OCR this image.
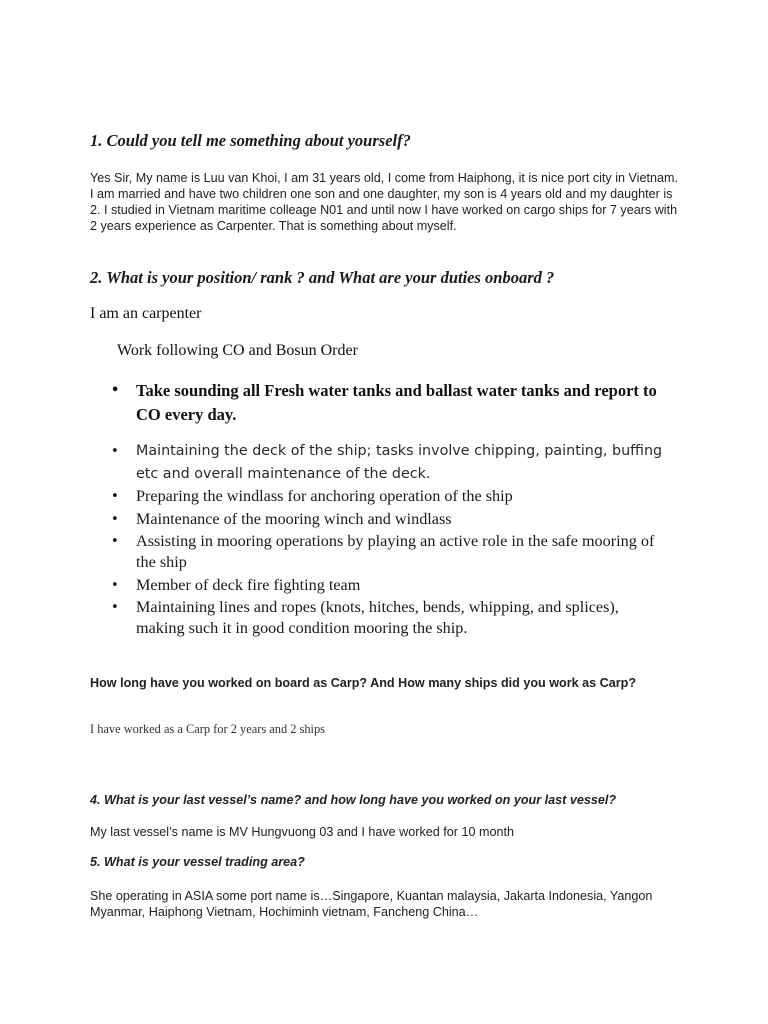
1. Could you tell me something about yourself?

Yes Sir, My name is Luu van Khoi, I am 31 years old, I come from Haiphong, it is nice port city in Vietnam. I am married and have two children one son and one daughter, my son is 4 years old and my daughter is 2. I studied in Vietnam maritime colleage N01 and until now I have worked on cargo ships for 7 years with 2 years experience as Carpenter. That is something about myself.

2. What is your position/ rank ? and What are your duties onboard ?

I am an carpenter

Work following CO and Bosun Order

• Take sounding all Fresh water tanks and ballast water tanks and report to CO every day.
• Maintaining the deck of the ship; tasks involve chipping, painting, buffing etc and overall maintenance of the deck.
• Preparing the windlass for anchoring operation of the ship
• Maintenance of the mooring winch and windlass
• Assisting in mooring operations by playing an active role in the safe mooring of the ship
• Member of deck fire fighting team
• Maintaining lines and ropes (knots, hitches, bends, whipping, and splices), making such it in good condition mooring the ship.
How long have you worked on board as Carp? And How many ships did you work as Carp?

I have worked as a Carp for 2 years and 2 ships

4. What is your last vessel’s name? and how long have you worked on your last vessel?

My last vessel’s name is MV Hungvuong 03 and I have worked for 10 month

5. What is your vessel trading area?

She operating in ASIA some port name is…Singapore, Kuantan malaysia, Jakarta Indonesia, Yangon Myanmar, Haiphong Vietnam, Hochiminh vietnam, Fancheng China…
